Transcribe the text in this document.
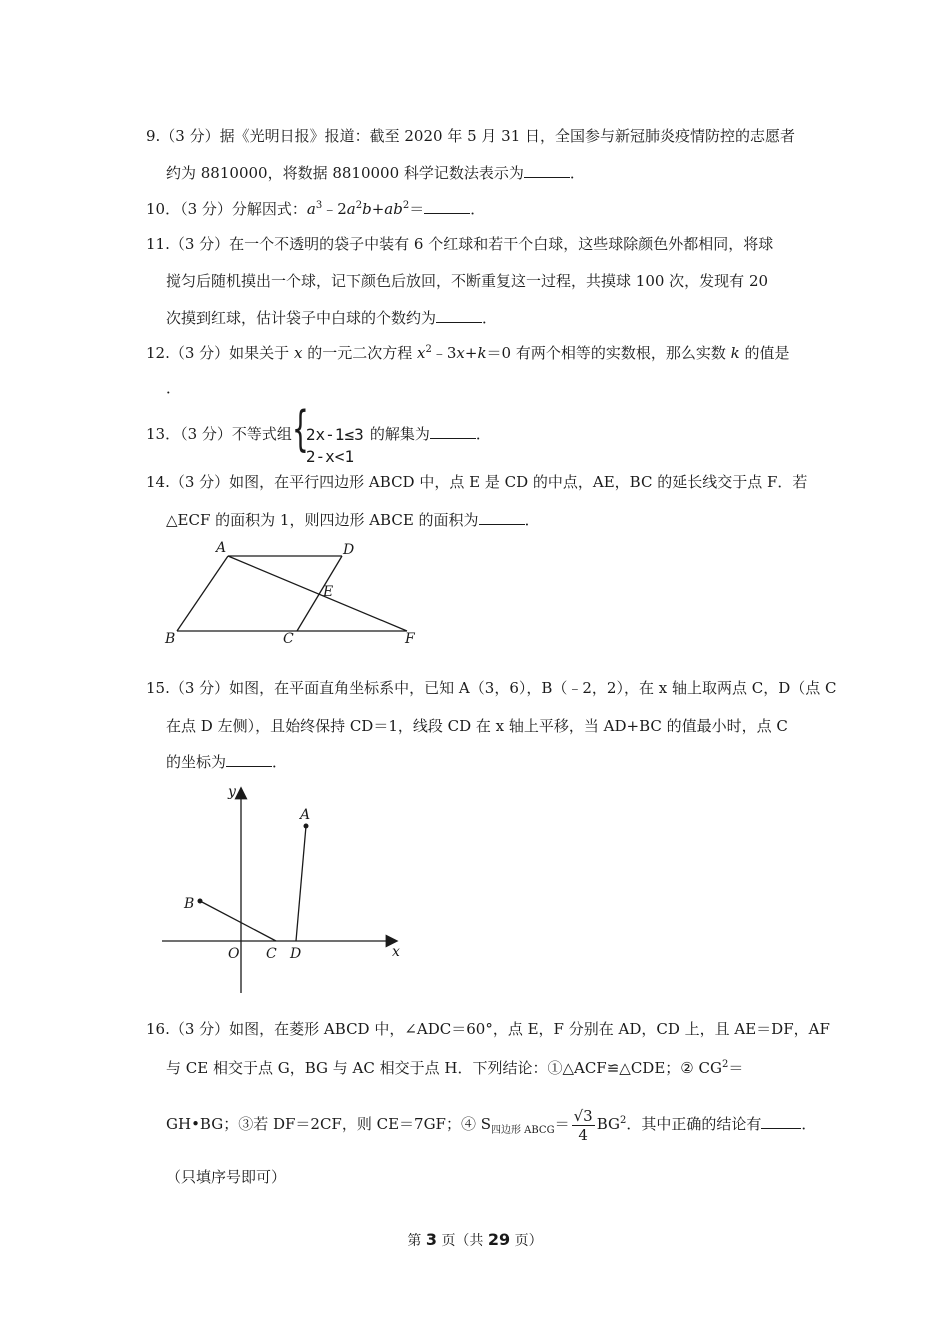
9.（3 分）据《光明日报》报道：截至 2020 年 5 月 31 日，全国参与新冠肺炎疫情防控的志愿者
约为 8810000，将数据 8810000 科学记数法表示为	．
10．（3 分）分解因式：$a^3﹣2a^2b+ab^2=$	．
11.（3 分）在一个不透明的袋子中装有 6 个红球和若干个白球，这些球除颜色外都相同，将球
搅匀后随机摸出一个球，记下颜色后放回，不断重复这一过程，共摸球 100 次，发现有 20
次摸到红球，估计袋子中白球的个数约为	．
12.（3 分）如果关于 x 的一元二次方程 $x^2﹣3x+k=0$ 有两个相等的实数根，那么实数 k 的值是
．
13．（3 分）不等式组 {
2x-1≤3
2-x<1
的解集为	．
14.（3 分）如图，在平行四边形 ABCD 中，点 E 是 CD 的中点，AE，BC 的延长线交于点 F．若
△ECF 的面积为 1，则四边形 ABCE 的面积为	．
A	D
E
B	C	F
15.（3 分）如图，在平面直角坐标系中，已知 A（3，6），B（﹣2，2），在 x 轴上取两点 C，D（点 C
在点 D 左侧），且始终保持 CD＝1，线段 CD 在 x 轴上平移，当 AD+BC 的值最小时，点 C
的坐标为	．
y
x
A
B
O C D
16.（3 分）如图，在菱形 ABCD 中，∠ADC＝60°，点 E，F 分别在 AD，CD 上，且 AE＝DF，AF
与 CE 相交于点 G，BG 与 AC 相交于点 H．下列结论：①△ACF≌△CDE；② $CG^2=$
GH•BG；③若 DF＝2CF，则 CE＝7GF；④ $S_{四边形 ABCG}= \frac{√3}{4} BG^2$．其中正确的结论有	．
（只填序号即可）
第 3 页（共 29 页）
